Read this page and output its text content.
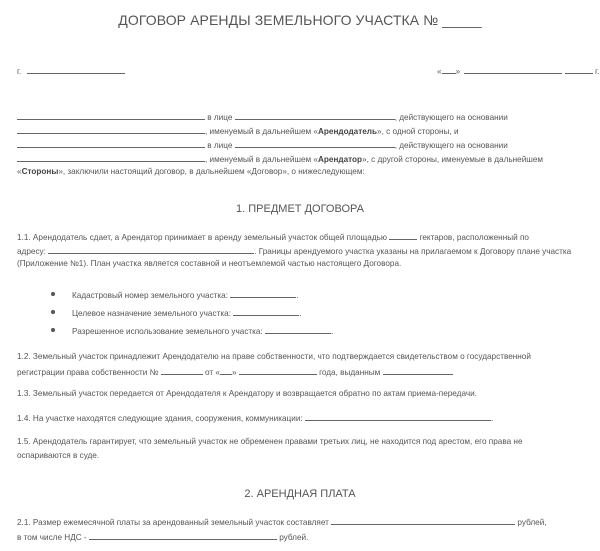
ДОГОВОР АРЕНДЫ ЗЕМЕЛЬНОГО УЧАСТКА № _____
г.	« »	г.
в лице	, действующего на основании
, именуемый в дальнейшем «Арендодатель», с одной стороны, и
в лице	, действующего на основании
, именуемый в дальнейшем «Арендатор», с другой стороны, именуемые в дальнейшем
«Стороны», заключили настоящий договор, в дальнейшем «Договор», о нижеследующем:
1. ПРЕДМЕТ ДОГОВОРА
1.1. Арендодатель сдает, а Арендатор принимает в аренду земельный участок общей площадью	гектаров, расположенный по
адресу:	. Границы арендуемого участка указаны на прилагаемом к Договору плане участка
(Приложение №1). План участка является составной и неотъемлемой частью настоящего Договора.
Кадастровый номер земельного участка:	.
Целевое назначение земельного участка:	.
Разрешенное использование земельного участка:	.
1.2. Земельный участок принадлежит Арендодателю на праве собственности, что подтверждается свидетельством о государственной
регистрации права собственности №	от « »	года, выданным
1.3. Земельный участок передается от Арендодателя к Арендатору и возвращается обратно по актам приема-передачи.
1.4. На участке находятся следующие здания, сооружения, коммуникации:	.
1.5. Арендодатель гарантирует, что земельный участок не обременен правами третьих лиц, не находится под арестом, его права не
оспариваются в суде.
2. АРЕНДНАЯ ПЛАТА
2.1. Размер ежемесячной платы за арендованный земельный участок составляет	рублей,
в том числе НДС -	рублей.
